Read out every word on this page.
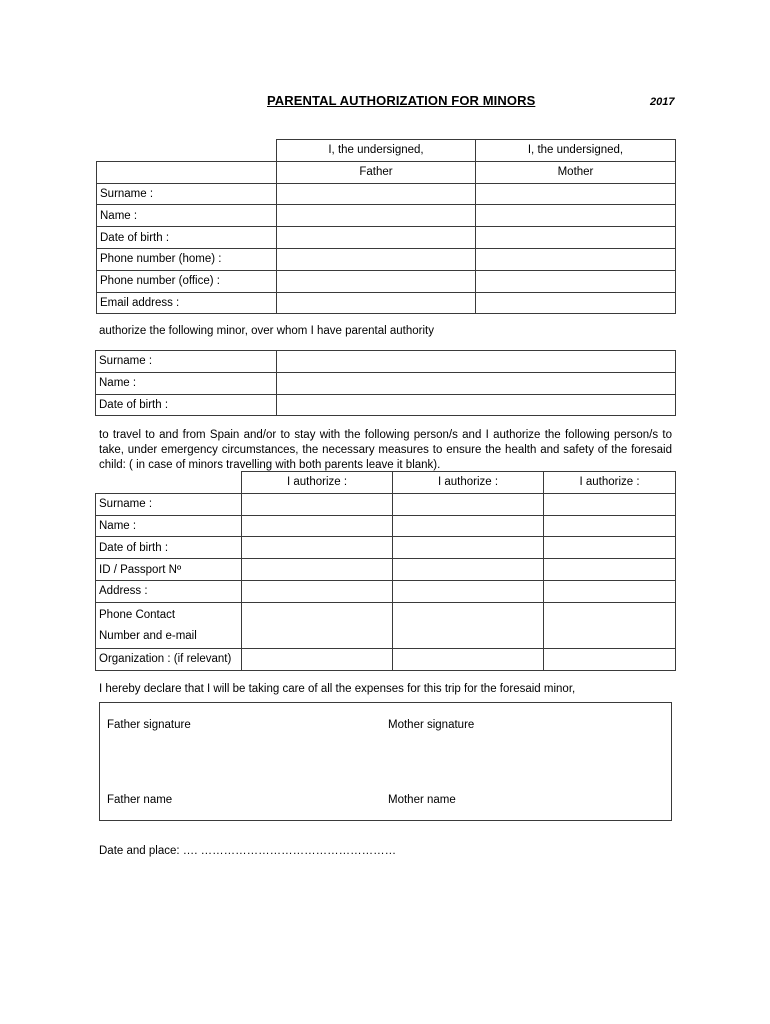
PARENTAL AUTHORIZATION FOR MINORS	2017
	I, the undersigned,	I, the undersigned,
	Father	Mother
Surname :		
Name :		
Date of birth :		
Phone number (home) :		
Phone number (office) :		
Email address :		
authorize the following minor, over whom I have parental authority
Surname :	
Name :	
Date of birth :	
to travel to and from Spain and/or to stay with the following person/s and I authorize the following person/s to take, under emergency circumstances, the necessary measures to ensure the health and safety of the foresaid child: ( in case of minors travelling with both parents leave it blank).
	I authorize :	I authorize :	I authorize :
Surname :			
Name :			
Date of birth :			
ID / Passport Nº			
Address :			

Phone Contact
Number and e-mail			

Organization : (if relevant)			
I hereby declare that I will be taking care of all the expenses for this trip for the foresaid minor,
Father signature	Mother signature
Father name	Mother name
Date and place: …. ……………………………………………
